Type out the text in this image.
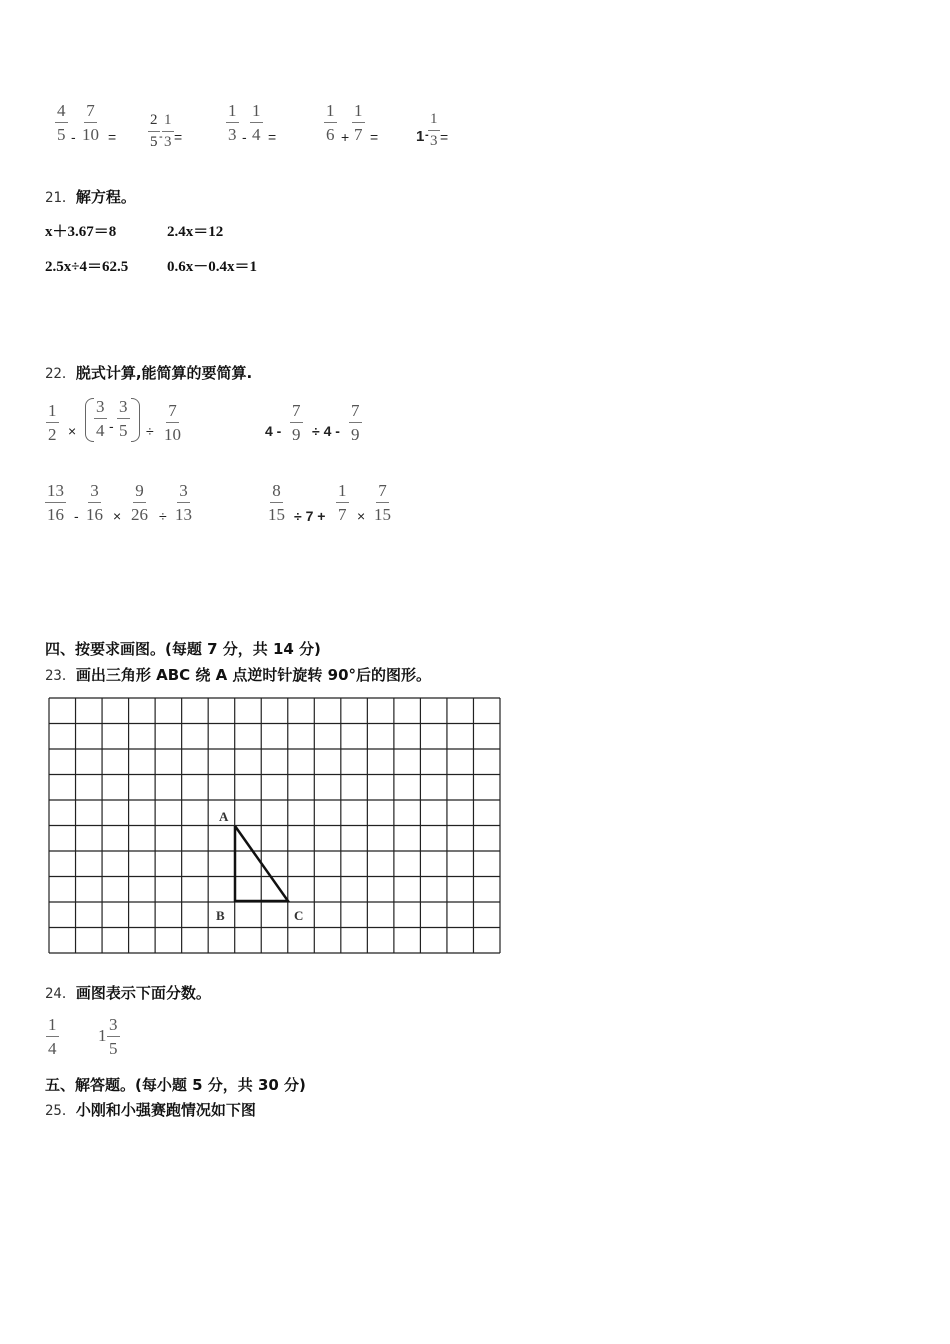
$\frac{4}{5} - \frac{7}{10} = \frac{2}{5} - \frac{1}{3}$ =	$\frac{1}{3} - \frac{1}{4}$ =	$\frac{1}{6} + \frac{1}{7}$ =	$1 - \frac{1}{3}$ =
21．解方程。
x＋3.67＝8	2.4x＝12
2.5x÷4＝62.5	0.6x－0.4x＝1
22．脱式计算,能简算的要简算.
$\frac{1}{2} \times \frac{3}{4} - \frac{3}{5} \div \frac{7}{10}$	$4 - \frac{7}{9} \div 4 - \frac{7}{9}$
$\frac{13}{16} - \frac{3}{16} \times \frac{9}{26} \div \frac{3}{13}$	$\frac{8}{15} \div 7 + \frac{1}{7} \times \frac{7}{15}$
四、按要求画图。(每题 7 分，共 14 分)
23．画出三角形 ABC 绕 A 点逆时针旋转 90°后的图形。
A
B	C
24．画图表示下面分数。
$\frac{1}{4} 1 \frac{3}{5}$
五、解答题。(每小题 5 分，共 30 分)
25．小刚和小强赛跑情况如下图
